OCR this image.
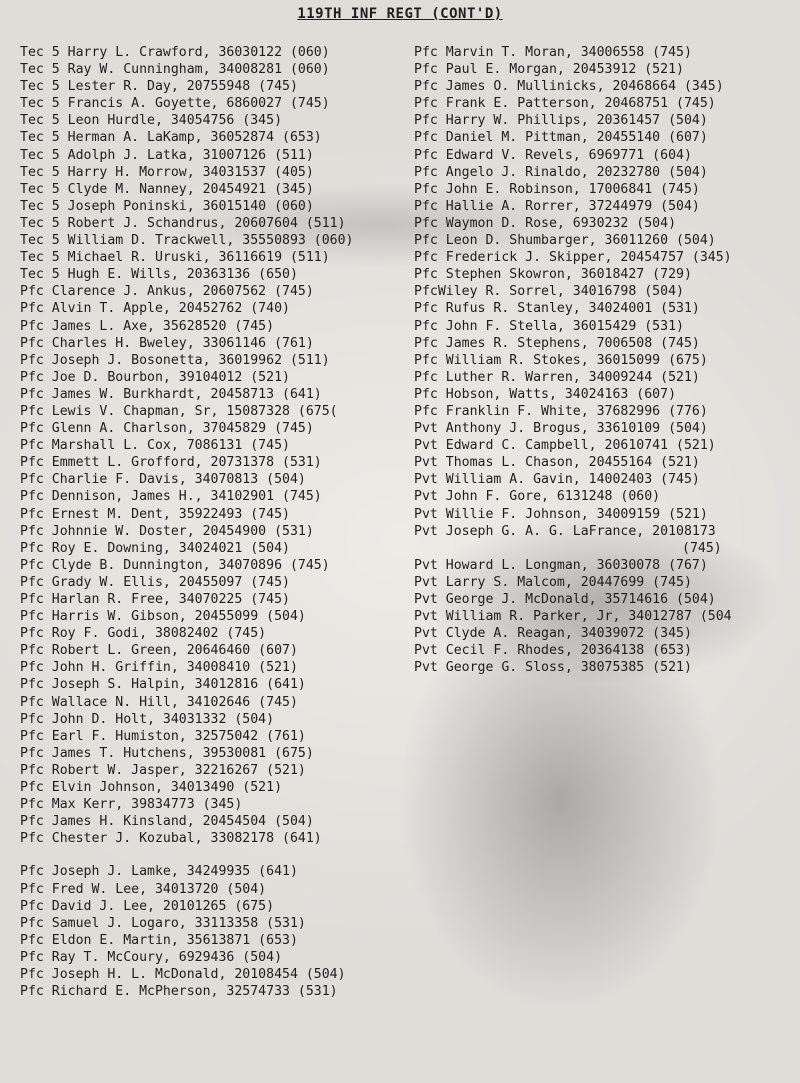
119TH INF REGT (CONT'D)
Tec 5 Harry L. Crawford, 36030122 (060)
Tec 5 Ray W. Cunningham, 34008281 (060)
Tec 5 Lester R. Day, 20755948 (745)
Tec 5 Francis A. Goyette, 6860027 (745)
Tec 5 Leon Hurdle, 34054756 (345)
Tec 5 Herman A. LaKamp, 36052874 (653)
Tec 5 Adolph J. Latka, 31007126 (511)
Tec 5 Harry H. Morrow, 34031537 (405)
Tec 5 Clyde M. Nanney, 20454921 (345)
Tec 5 Joseph Poninski, 36015140 (060)
Tec 5 Robert J. Schandrus, 20607604 (511)
Tec 5 William D. Trackwell, 35550893 (060)
Tec 5 Michael R. Uruski, 36116619 (511)
Tec 5 Hugh E. Wills, 20363136 (650)
Pfc Clarence J. Ankus, 20607562 (745)
Pfc Alvin T. Apple, 20452762 (740)
Pfc James L. Axe, 35628520 (745)
Pfc Charles H. Bweley, 33061146 (761)
Pfc Joseph J. Bosonetta, 36019962 (511)
Pfc Joe D. Bourbon, 39104012 (521)
Pfc James W. Burkhardt, 20458713 (641)
Pfc Lewis V. Chapman, Sr, 15087328 (675(
Pfc Glenn A. Charlson, 37045829 (745)
Pfc Marshall L. Cox, 7086131 (745)
Pfc Emmett L. Grofford, 20731378 (531)
Pfc Charlie F. Davis, 34070813 (504)
Pfc Dennison, James H., 34102901 (745)
Pfc Ernest M. Dent, 35922493 (745)
Pfc Johnnie W. Doster, 20454900 (531)
Pfc Roy E. Downing, 34024021 (504)
Pfc Clyde B. Dunnington, 34070896 (745)
Pfc Grady W. Ellis, 20455097 (745)
Pfc Harlan R. Free, 34070225 (745)
Pfc Harris W. Gibson, 20455099 (504)
Pfc Roy F. Godi, 38082402 (745)
Pfc Robert L. Green, 20646460 (607)
Pfc John H. Griffin, 34008410 (521)
Pfc Joseph S. Halpin, 34012816 (641)
Pfc Wallace N. Hill, 34102646 (745)
Pfc John D. Holt, 34031332 (504)
Pfc Earl F. Humiston, 32575042 (761)
Pfc James T. Hutchens, 39530081 (675)
Pfc Robert W. Jasper, 32216267 (521)
Pfc Elvin Johnson, 34013490 (521)
Pfc Max Kerr, 39834773 (345)
Pfc James H. Kinsland, 20454504 (504)
Pfc Chester J. Kozubal, 33082178 (641)
Pfc Joseph J. Lamke, 34249935 (641)
Pfc Fred W. Lee, 34013720 (504)
Pfc David J. Lee, 20101265 (675)
Pfc Samuel J. Logaro, 33113358 (531)
Pfc Eldon E. Martin, 35613871 (653)
Pfc Ray T. McCoury, 6929436 (504)
Pfc Joseph H. L. McDonald, 20108454 (504)
Pfc Richard E. McPherson, 32574733 (531)
Pfc Marvin T. Moran, 34006558 (745)
Pfc Paul E. Morgan, 20453912 (521)
Pfc James O. Mullinicks, 20468664 (345)
Pfc Frank E. Patterson, 20468751 (745)
Pfc Harry W. Phillips, 20361457 (504)
Pfc Daniel M. Pittman, 20455140 (607)
Pfc Edward V. Revels, 6969771 (604)
Pfc Angelo J. Rinaldo, 20232780 (504)
Pfc John E. Robinson, 17006841 (745)
Pfc Hallie A. Rorrer, 37244979 (504)
Pfc Waymon D. Rose, 6930232 (504)
Pfc Leon D. Shumbarger, 36011260 (504)
Pfc Frederick J. Skipper, 20454757 (345)
Pfc Stephen Skowron, 36018427 (729)
PfcWiley R. Sorrel, 34016798 (504)
Pfc Rufus R. Stanley, 34024001 (531)
Pfc John F. Stella, 36015429 (531)
Pfc James R. Stephens, 7006508 (745)
Pfc William R. Stokes, 36015099 (675)
Pfc Luther R. Warren, 34009244 (521)
Pfc Hobson, Watts, 34024163 (607)
Pfc Franklin F. White, 37682996 (776)
Pvt Anthony J. Brogus, 33610109 (504)
Pvt Edward C. Campbell, 20610741 (521)
Pvt Thomas L. Chason, 20455164 (521)
Pvt William A. Gavin, 14002403 (745)
Pvt John F. Gore, 6131248 (060)
Pvt Willie F. Johnson, 34009159 (521)
Pvt Joseph G. A. G. LaFrance, 20108173
(745)
Pvt Howard L. Longman, 36030078 (767)
Pvt Larry S. Malcom, 20447699 (745)
Pvt George J. McDonald, 35714616 (504)
Pvt William R. Parker, Jr, 34012787 (504
Pvt Clyde A. Reagan, 34039072 (345)
Pvt Cecil F. Rhodes, 20364138 (653)
Pvt George G. Sloss, 38075385 (521)
